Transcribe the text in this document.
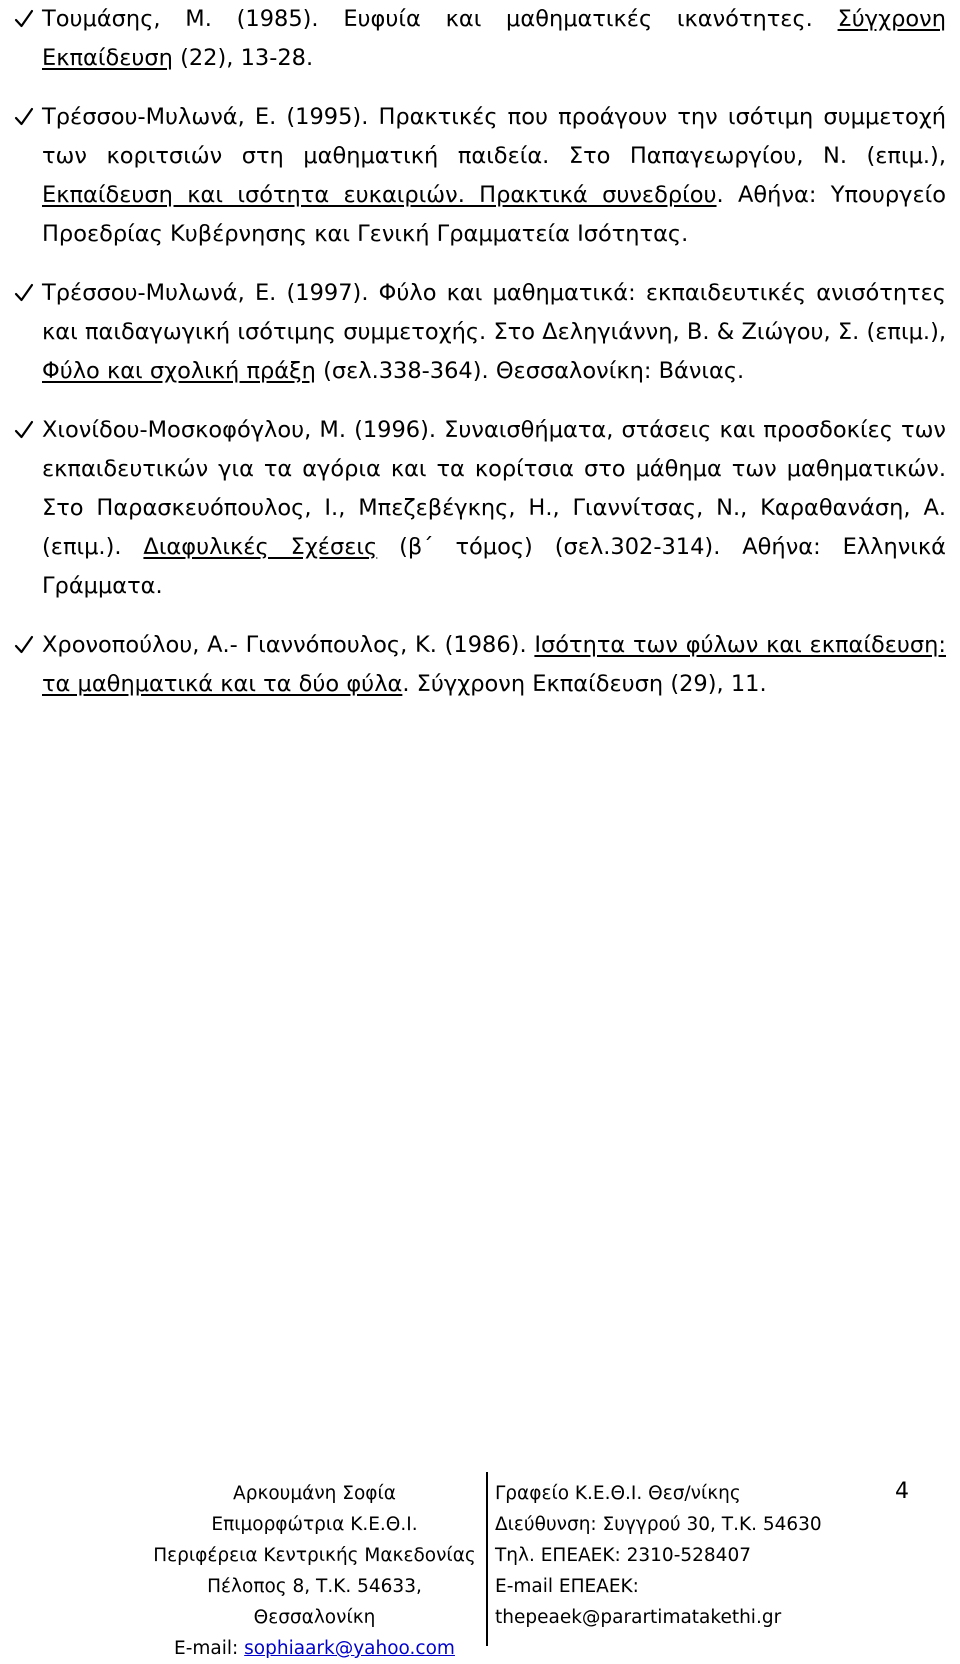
Τουμάσης, Μ. (1985). Ευφυία και μαθηματικές ικανότητες. Σύγχρονη Εκπαίδευση (22), 13-28.
Τρέσσου-Μυλωνά, Ε. (1995). Πρακτικές που προάγουν την ισότιμη συμμετοχή των κοριτσιών στη μαθηματική παιδεία. Στο Παπαγεωργίου, Ν. (επιμ.), Εκπαίδευση και ισότητα ευκαιριών. Πρακτικά συνεδρίου. Αθήνα: Υπουργείο Προεδρίας Κυβέρνησης και Γενική Γραμματεία Ισότητας.
Τρέσσου-Μυλωνά, Ε. (1997). Φύλο και μαθηματικά: εκπαιδευτικές ανισότητες και παιδαγωγική ισότιμης συμμετοχής. Στο Δεληγιάννη, Β. & Ζιώγου, Σ. (επιμ.), Φύλο και σχολική πράξη (σελ.338-364). Θεσσαλονίκη: Βάνιας.
Χιονίδου-Μοσκοφόγλου, Μ. (1996). Συναισθήματα, στάσεις και προσδοκίες των εκπαιδευτικών για τα αγόρια και τα κορίτσια στο μάθημα των μαθηματικών. Στο Παρασκευόπουλος, Ι., Μπεζεβέγκης, Η., Γιαννίτσας, Ν., Καραθανάση, Α. (επιμ.). Διαφυλικές Σχέσεις (β΄ τόμος) (σελ.302-314). Αθήνα: Ελληνικά Γράμματα.
Χρονοπούλου, Α.- Γιαννόπουλος, Κ. (1986). Ισότητα των φύλων και εκπαίδευση: τα μαθηματικά και τα δύο φύλα. Σύγχρονη Εκπαίδευση (29), 11.
Αρκουμάνη Σοφία
Επιμορφώτρια Κ.Ε.Θ.Ι.
Περιφέρεια Κεντρικής Μακεδονίας
Πέλοπος 8, Τ.Κ. 54633, Θεσσαλονίκη
E-mail: sophiaark@yahoo.com
Γραφείο Κ.Ε.Θ.Ι. Θεσ/νίκης
Διεύθυνση: Συγγρού 30, Τ.Κ. 54630
Τηλ. ΕΠΕΑΕΚ: 2310-528407
E-mail ΕΠΕΑΕΚ:
thepeaek@parartimatakethi.gr
4
